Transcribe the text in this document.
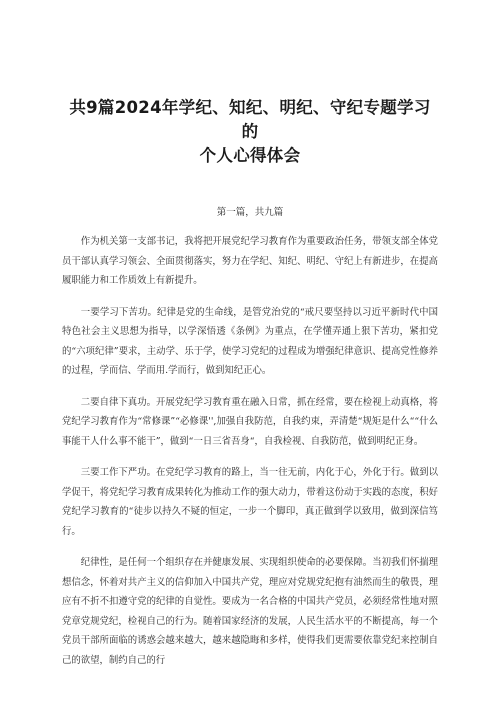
共9篇2024年学纪、知纪、明纪、守纪专题学习的
个人心得体会
第一篇，共九篇

作为机关第一支部书记，我将把开展党纪学习教育作为重要政治任务，带领支部全体党员干部认真学习领会、全面贯彻落实，努力在学纪、知纪、明纪、守纪上有新进步，在提高履职能力和工作质效上有新提升。

一要学习下苦功。纪律是党的生命线，是管党治党的“戒尺要坚持以习近平新时代中国特色社会主义思想为指导，以学深悟透《条例》为重点，在学懂弄通上狠下苦功，紧扣党的“六项纪律”要求，主动学、乐于学，使学习党纪的过程成为增强纪律意识、提高党性修养的过程，学而信、学而用.学而行，做到知纪正心。

二要自律下真功。开展党纪学习教育重在融入日常，抓在经常，要在检视上动真格，将党纪学习教育作为“常修课”“必修课'',加强自我防范，自我约束，弄清楚“规矩是什么““什么事能干人什么事不能干”，做到“一日三省吾身“，自我检视、自我防范，做到明纪正身。

三要工作下严功。在党纪学习教育的路上，当一往无前，内化于心，外化于行。做到以学促干，将党纪学习教育成果转化为推动工作的强大动力，带着这份动于实践的态度，积好党纪学习教育的“徒步以持久不疑的恒定，一步一个脚印，真正做到学以致用，做到深信笃行。

纪律性，是任何一个组织存在并健康发展、实现组织使命的必要保障。当初我们怀揣理想信念，怀着对共产主义的信仰加入中国共产党，理应对党规党纪抱有油然而生的敬畏，理应有不折不扣遵守党的纪律的自觉性。要成为一名合格的中国共产党员，必须经常性地对照党章党规党纪，检视自己的行为。随着国家经济的发展，人民生活水平的不断提高，每一个党员干部所面临的诱惑会越来越大，越来越隐晦和多样，使得我们更需要依靠党纪来控制自己的欲望，制约自己的行
